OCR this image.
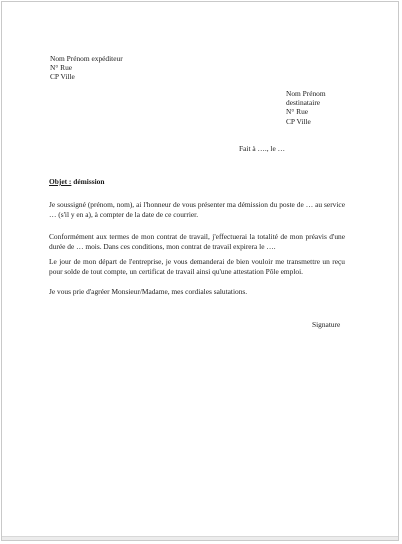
Nom Prénom expéditeur
N° Rue
CP Ville
Nom Prénom
destinataire
N° Rue
CP Ville
Fait à …., le …
Objet : démission
Je soussigné (prénom, nom), ai l'honneur de vous présenter ma démission du poste de … au service … (s'il y en a), à compter de la date de ce courrier.
Conformément aux termes de mon contrat de travail, j'effectuerai la totalité de mon préavis d'une durée de … mois. Dans ces conditions, mon contrat de travail expirera le ….
Le jour de mon départ de l'entreprise, je vous demanderai de bien vouloir me transmettre un reçu pour solde de tout compte, un certificat de travail ainsi qu'une attestation Pôle emploi.
Je vous prie d'agréer Monsieur/Madame, mes cordiales salutations.
Signature
